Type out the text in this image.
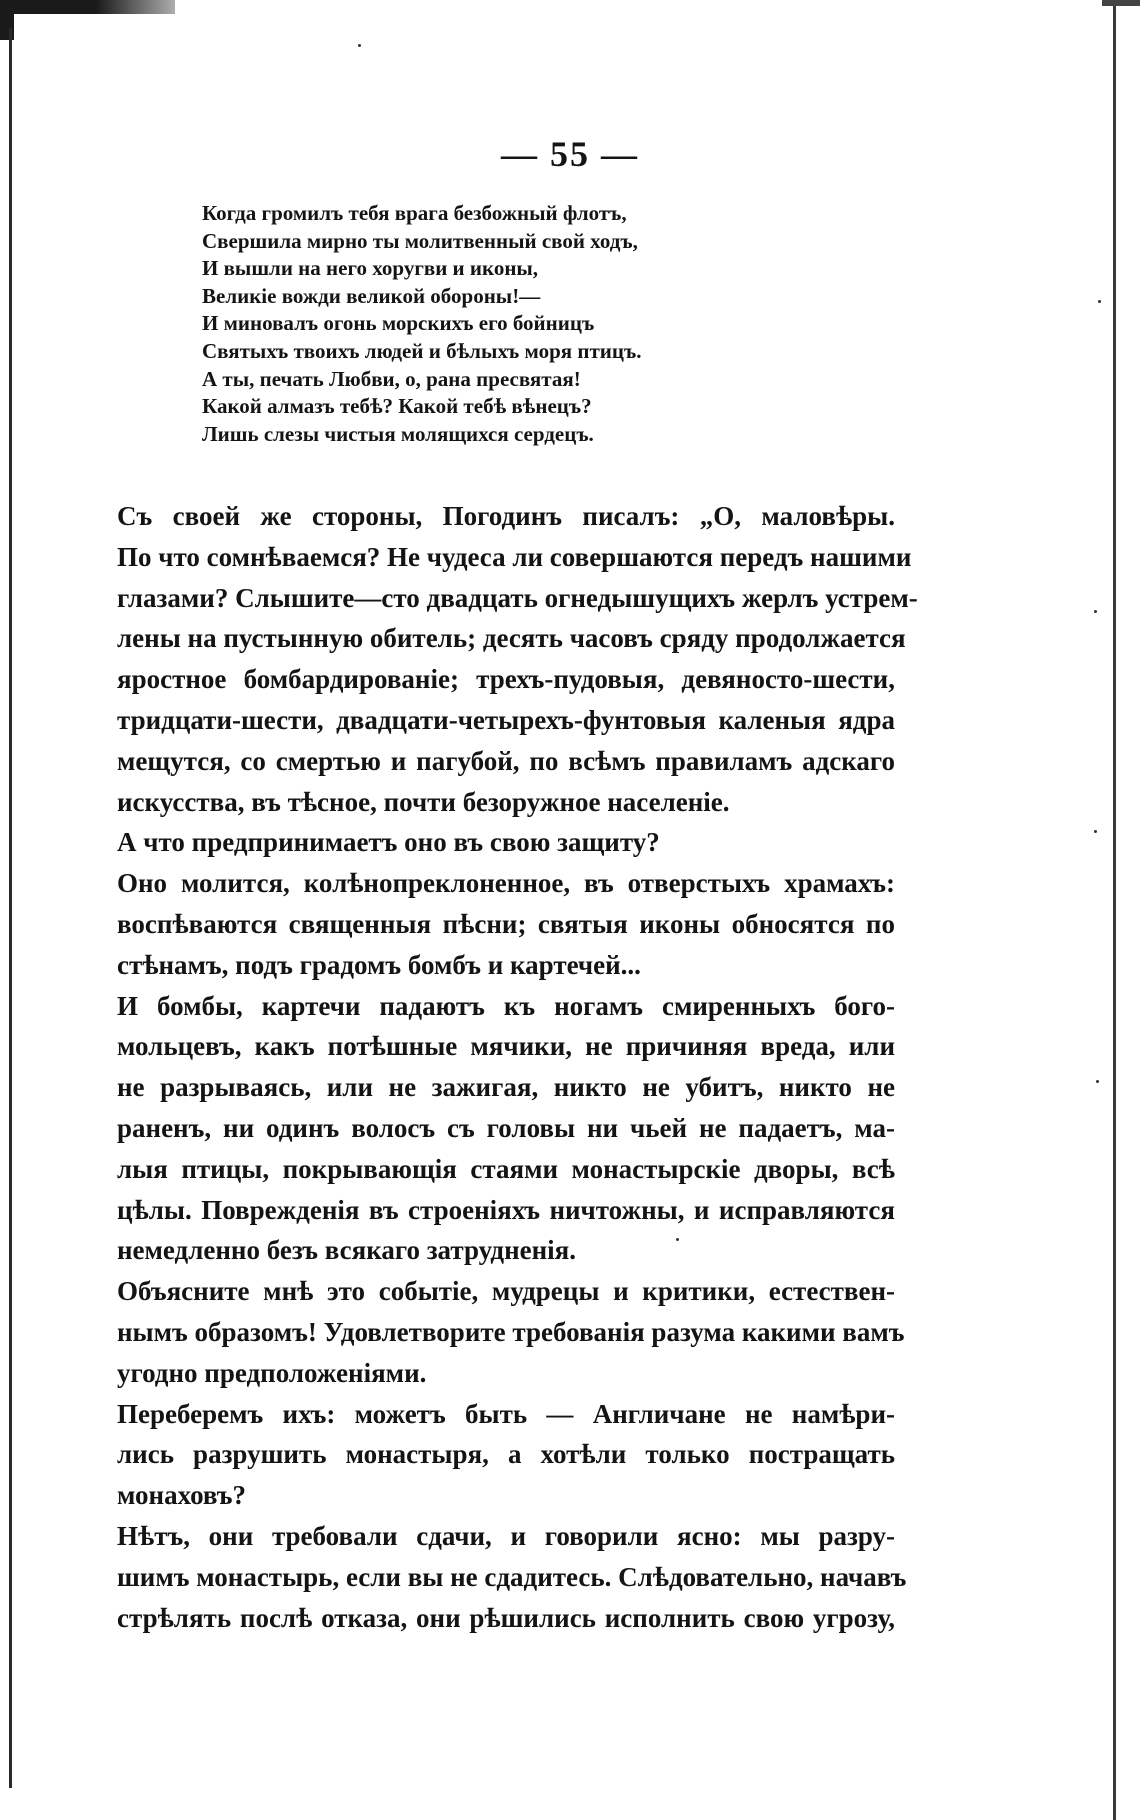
— 55 —
Когда громилъ тебя врага безбожный флотъ,
Свершила мирно ты молитвенный свой ходъ,
И вышли на него хоругви и иконы,
Великіе вожди великой обороны!—
И миновалъ огонь морскихъ его бойницъ
Святыхъ твоихъ людей и бѣлыхъ моря птицъ.
А ты, печать Любви, о, рана пресвятая!
Какой алмазъ тебѣ? Какой тебѣ вѣнецъ?
Лишь слезы чистыя молящихся сердецъ.
Съ своей же стороны, Погодинъ писалъ: „О, маловѣры.
По что сомнѣваемся? Не чудеса ли совершаются передъ нашими
глазами? Слышите—сто двадцать огнедышущихъ жерлъ устрем-
лены на пустынную обитель; десять часовъ сряду продолжается
яростное бомбардированіе; трехъ-пудовыя, девяносто-шести,
тридцати-шести, двадцати-четырехъ-фунтовыя каленыя ядра
мещутся, со смертью и пагубой, по всѣмъ правиламъ адскаго
искусства, въ тѣсное, почти безоружное населеніе.
А что предпринимаетъ оно въ свою защиту?
Оно молится, колѣнопреклоненное, въ отверстыхъ храмахъ:
воспѣваются священныя пѣсни; святыя иконы обносятся по
стѣнамъ, подъ градомъ бомбъ и картечей...
И бомбы, картечи падаютъ къ ногамъ смиренныхъ бого-
мольцевъ, какъ потѣшные мячики, не причиняя вреда, или
не разрываясь, или не зажигая, никто не убитъ, никто не
раненъ, ни одинъ волосъ съ головы ни чьей не падаетъ, ма-
лыя птицы, покрывающія стаями монастырскіе дворы, всѣ
цѣлы. Поврежденія въ строеніяхъ ничтожны, и исправляются
немедленно безъ всякаго затрудненія.
Объясните мнѣ это событіе, мудрецы и критики, естествен-
нымъ образомъ! Удовлетворите требованія разума какими вамъ
угодно предположеніями.
Переберемъ ихъ: можетъ быть — Англичане не намѣри-
лись разрушить монастыря, а хотѣли только постращать
монаховъ?
Нѣтъ, они требовали сдачи, и говорили ясно: мы разру-
шимъ монастырь, если вы не сдадитесь. Слѣдовательно, начавъ
стрѣлять послѣ отказа, они рѣшились исполнить свою угрозу,
